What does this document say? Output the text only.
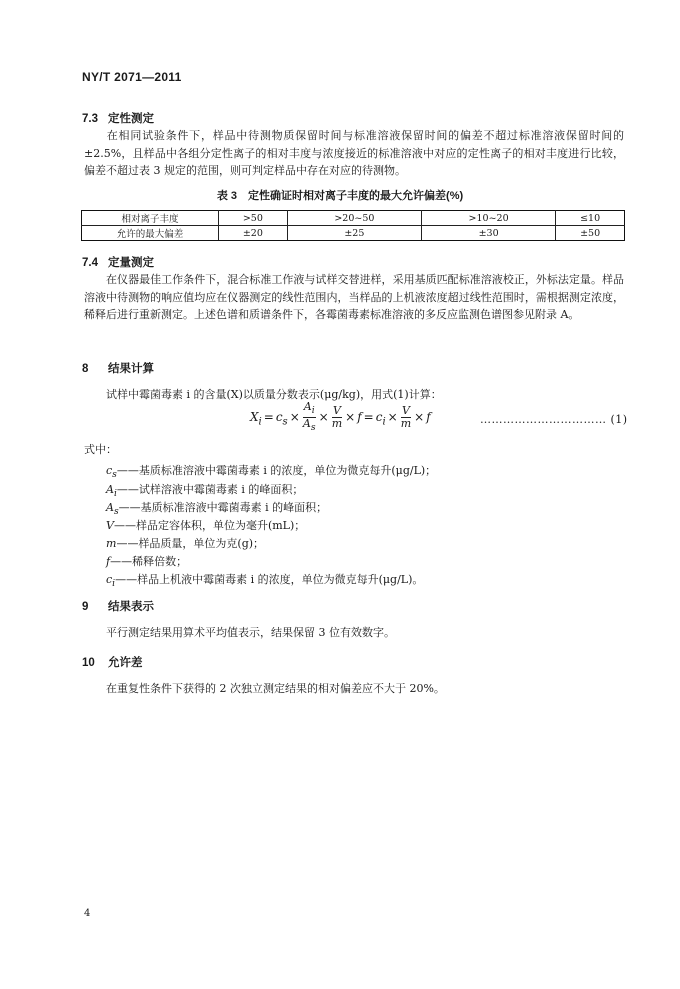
NY/T 2071—2011
7.3 定性测定
在相同试验条件下，样品中待测物质保留时间与标准溶液保留时间的偏差不超过标准溶液保留时间的±2.5%，且样品中各组分定性离子的相对丰度与浓度接近的标准溶液中对应的定性离子的相对丰度进行比较，偏差不超过表 3 规定的范围，则可判定样品中存在对应的待测物。
表 3　定性确证时相对离子丰度的最大允许偏差(%)
相对离子丰度	>50	>20~50	>10~20	≤10
允许的最大偏差	±20	±25	±30	±50
7.4 定量测定
在仪器最佳工作条件下，混合标准工作液与试样交替进样，采用基质匹配标准溶液校正，外标法定量。样品溶液中待测物的响应值均应在仪器测定的线性范围内，当样品的上机液浓度超过线性范围时，需根据测定浓度，稀释后进行重新测定。上述色谱和质谱条件下，各霉菌毒素标准溶液的多反应监测色谱图参见附录 A。
8 结果计算
试样中霉菌毒素 i 的含量(X)以质量分数表示(μg/kg)，用式(1)计算：
$X_i = c_s \times \frac{A_i}{A_s} \times \frac{V}{m} \times f = c_i \times \frac{V}{m} \times f$	…………………………… (1)
式中：
$c_s——$基质标准溶液中霉菌毒素 i 的浓度，单位为微克每升(μg/L)；
$A_i——$试样溶液中霉菌毒素 i 的峰面积；
$A_s——$基质标准溶液中霉菌毒素 i 的峰面积；
V——样品定容体积，单位为毫升(mL)；
m——样品质量，单位为克(g)；
f——稀释倍数；
$c_i——$样品上机液中霉菌毒素 i 的浓度，单位为微克每升(μg/L)。
9 结果表示
平行测定结果用算术平均值表示，结果保留 3 位有效数字。
10 允许差
在重复性条件下获得的 2 次独立测定结果的相对偏差应不大于 20%。
4
